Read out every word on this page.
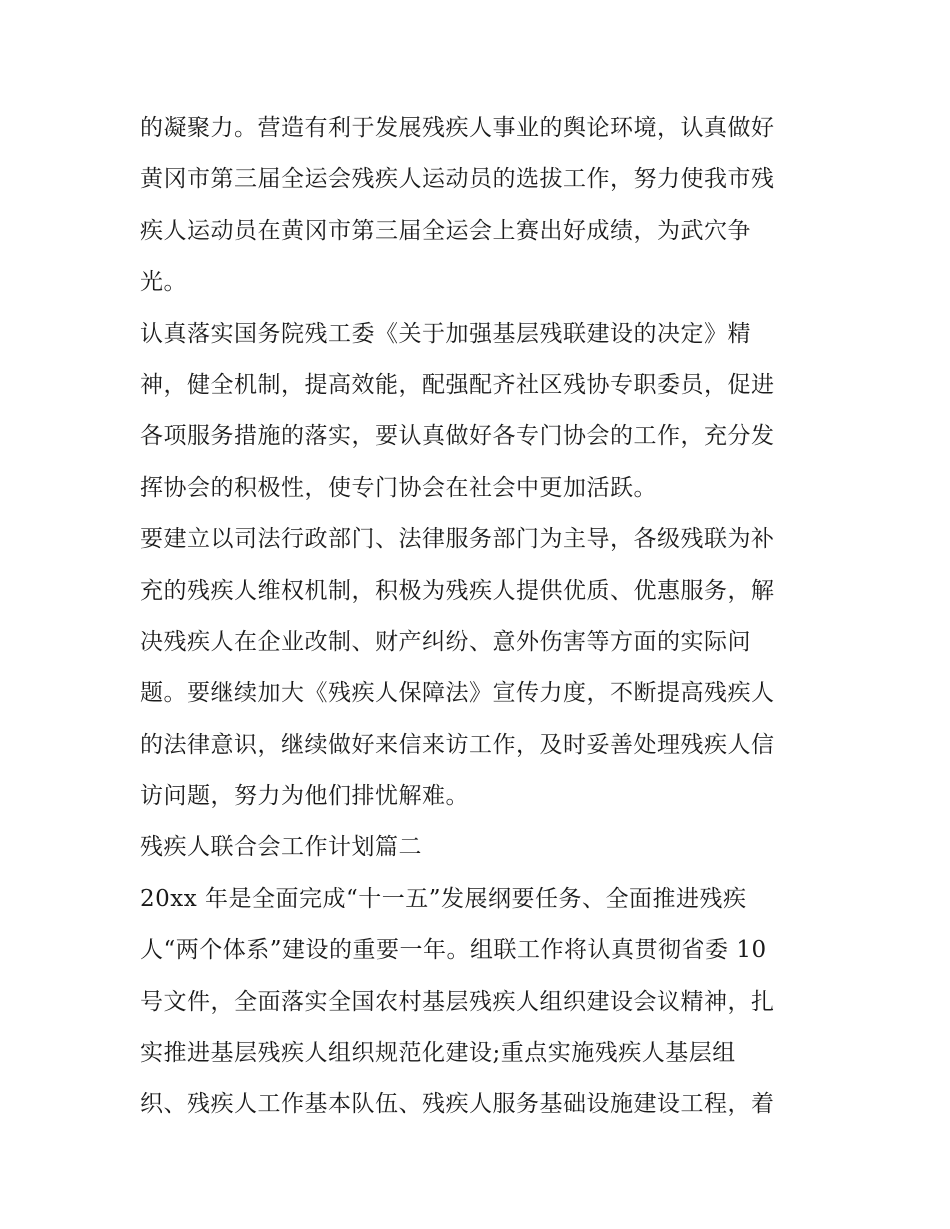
的凝聚力。营造有利于发展残疾人事业的舆论环境，认真做好
黄冈市第三届全运会残疾人运动员的选拔工作，努力使我市残
疾人运动员在黄冈市第三届全运会上赛出好成绩，为武穴争
光。
认真落实国务院残工委《关于加强基层残联建设的决定》精
神，健全机制，提高效能，配强配齐社区残协专职委员，促进
各项服务措施的落实，要认真做好各专门协会的工作，充分发
挥协会的积极性，使专门协会在社会中更加活跃。
要建立以司法行政部门、法律服务部门为主导，各级残联为补
充的残疾人维权机制，积极为残疾人提供优质、优惠服务，解
决残疾人在企业改制、财产纠纷、意外伤害等方面的实际问
题。要继续加大《残疾人保障法》宣传力度，不断提高残疾人
的法律意识，继续做好来信来访工作，及时妥善处理残疾人信
访问题，努力为他们排忧解难。
残疾人联合会工作计划篇二
20xx 年是全面完成“十一五”发展纲要任务、全面推进残疾
人“两个体系”建设的重要一年。组联工作将认真贯彻省委 10
号文件，全面落实全国农村基层残疾人组织建设会议精神，扎
实推进基层残疾人组织规范化建设;重点实施残疾人基层组
织、残疾人工作基本队伍、残疾人服务基础设施建设工程，着
